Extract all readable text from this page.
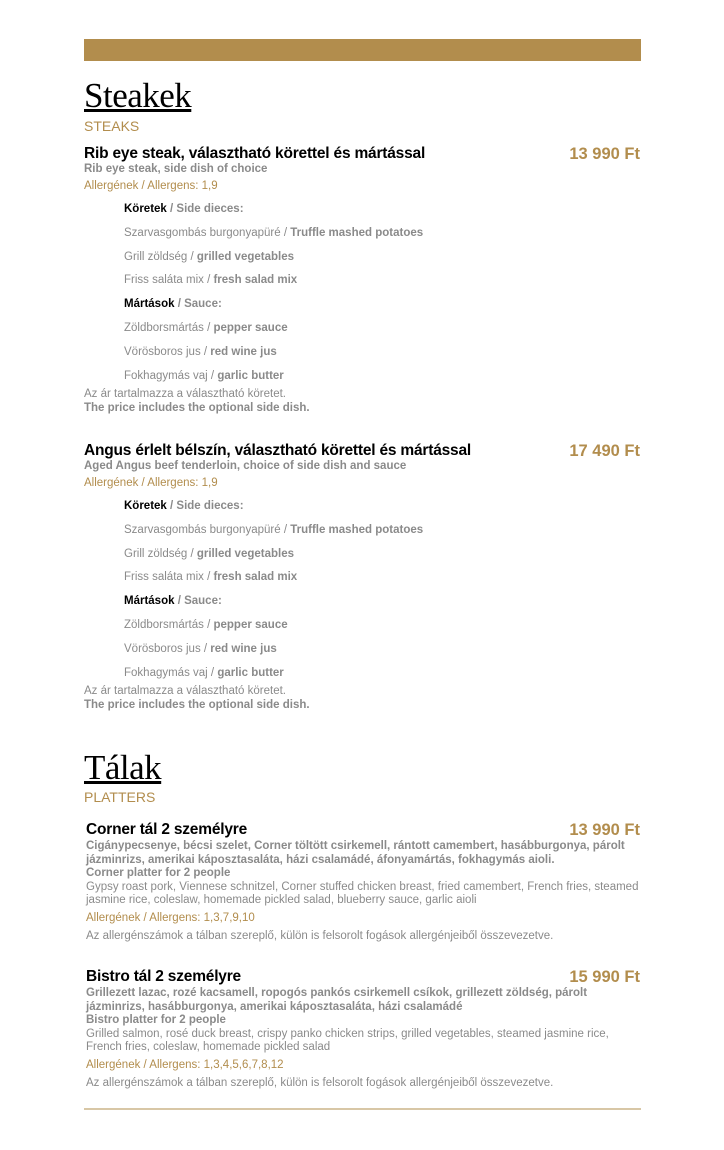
Steakek
STEAKS
Rib eye steak, választható körettel és mártással	13 990 Ft
Rib eye steak, side dish of choice
Allergének / Allergens: 1,9
Köretek / Side dieces:
Szarvasgombás burgonyapüré / Truffle mashed potatoes
Grill zöldség / grilled vegetables
Friss saláta mix / fresh salad mix
Mártások / Sauce:
Zöldborsmártás / pepper sauce
Vörösboros jus / red wine jus
Fokhagymás vaj / garlic butter
Az ár tartalmazza a választható köretet.
The price includes the optional side dish.
Angus érlelt bélszín, választható körettel és mártással	17 490 Ft
Aged Angus beef tenderloin, choice of side dish and sauce
Allergének / Allergens: 1,9
Köretek / Side dieces:
Szarvasgombás burgonyapüré / Truffle mashed potatoes
Grill zöldség / grilled vegetables
Friss saláta mix / fresh salad mix
Mártások / Sauce:
Zöldborsmártás / pepper sauce
Vörösboros jus / red wine jus
Fokhagymás vaj / garlic butter
Az ár tartalmazza a választható köretet.
The price includes the optional side dish.
Tálak
PLATTERS
Corner tál 2 személyre	13 990 Ft
Cigánypecsenye, bécsi szelet, Corner töltött csirkemell, rántott camembert, hasábburgonya, párolt jázminrizs, amerikai káposztasaláta, házi csalamádé, áfonyamártás, fokhagymás aioli.
Corner platter for 2 people
Gypsy roast pork, Viennese schnitzel, Corner stuffed chicken breast, fried camembert, French fries, steamed jasmine rice, coleslaw, homemade pickled salad, blueberry sauce, garlic aioli
Allergének / Allergens: 1,3,7,9,10
Az allergénszámok a tálban szereplő, külön is felsorolt fogások allergénjeiből összevezetve.
Bistro tál 2 személyre	15 990 Ft
Grillezett lazac, rozé kacsamell, ropogós pankós csirkemell csíkok, grillezett zöldség, párolt jázminrizs, hasábburgonya, amerikai káposztasaláta, házi csalamádé
Bistro platter for 2 people
Grilled salmon, rosé duck breast, crispy panko chicken strips, grilled vegetables, steamed jasmine rice, French fries, coleslaw, homemade pickled salad
Allergének / Allergens: 1,3,4,5,6,7,8,12
Az allergénszámok a tálban szereplő, külön is felsorolt fogások allergénjeiből összevezetve.
